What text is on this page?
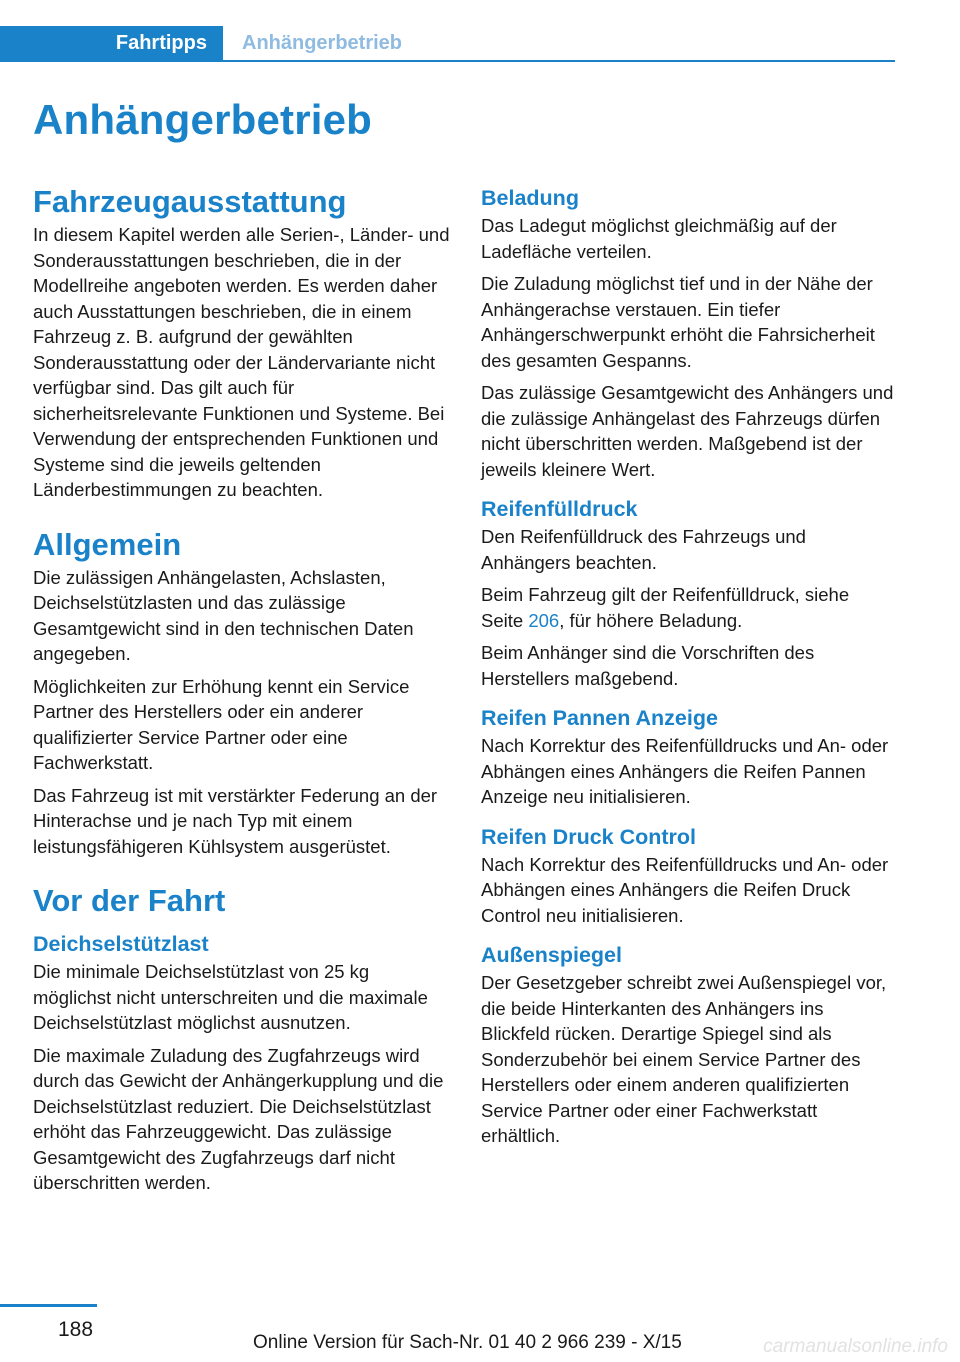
Fahrtipps	Anhängerbetrieb
Anhängerbetrieb
Fahrzeugausstattung

In diesem Kapitel werden alle Serien-, Länder- und Sonderausstattungen beschrieben, die in der Modellreihe angeboten werden. Es werden daher auch Ausstattungen beschrieben, die in einem Fahrzeug z. B. aufgrund der gewählten Sonderausstattung oder der Ländervariante nicht verfügbar sind. Das gilt auch für sicherheitsrelevante Funktionen und Systeme. Bei Verwendung der entsprechenden Funktionen und Systeme sind die jeweils geltenden Länderbestimmungen zu beachten.

Allgemein

Die zulässigen Anhängelasten, Achslasten, Deichselstützlasten und das zulässige Gesamtgewicht sind in den technischen Daten angegeben.

Möglichkeiten zur Erhöhung kennt ein Service Partner des Herstellers oder ein anderer qualifizierter Service Partner oder eine Fachwerkstatt.

Das Fahrzeug ist mit verstärkter Federung an der Hinterachse und je nach Typ mit einem leistungsfähigeren Kühlsystem ausgerüstet.

Vor der Fahrt
Deichselstützlast

Die minimale Deichselstützlast von 25 kg möglichst nicht unterschreiten und die maximale Deichselstützlast möglichst ausnutzen.

Die maximale Zuladung des Zugfahrzeugs wird durch das Gewicht der Anhängerkupplung und die Deichselstützlast reduziert. Die Deichselstützlast erhöht das Fahrzeuggewicht. Das zulässige Gesamtgewicht des Zugfahrzeugs darf nicht überschritten werden.

Beladung

Das Ladegut möglichst gleichmäßig auf der Ladefläche verteilen.

Die Zuladung möglichst tief und in der Nähe der Anhängerachse verstauen. Ein tiefer Anhängerschwerpunkt erhöht die Fahrsicherheit des gesamten Gespanns.

Das zulässige Gesamtgewicht des Anhängers und die zulässige Anhängelast des Fahrzeugs dürfen nicht überschritten werden. Maßgebend ist der jeweils kleinere Wert.

Reifenfülldruck

Den Reifenfülldruck des Fahrzeugs und Anhängers beachten.

Beim Fahrzeug gilt der Reifenfülldruck, siehe Seite 206, für höhere Beladung.

Beim Anhänger sind die Vorschriften des Herstellers maßgebend.

Reifen Pannen Anzeige

Nach Korrektur des Reifenfülldrucks und An- oder Abhängen eines Anhängers die Reifen Pannen Anzeige neu initialisieren.

Reifen Druck Control

Nach Korrektur des Reifenfülldrucks und An- oder Abhängen eines Anhängers die Reifen Druck Control neu initialisieren.

Außenspiegel

Der Gesetzgeber schreibt zwei Außenspiegel vor, die beide Hinterkanten des Anhängers ins Blickfeld rücken. Derartige Spiegel sind als Sonderzubehör bei einem Service Partner des Herstellers oder einem anderen qualifizierten Service Partner oder einer Fachwerkstatt erhältlich.

188
Online Version für Sach-Nr. 01 40 2 966 239 - X/15	carmanualsonline.info
